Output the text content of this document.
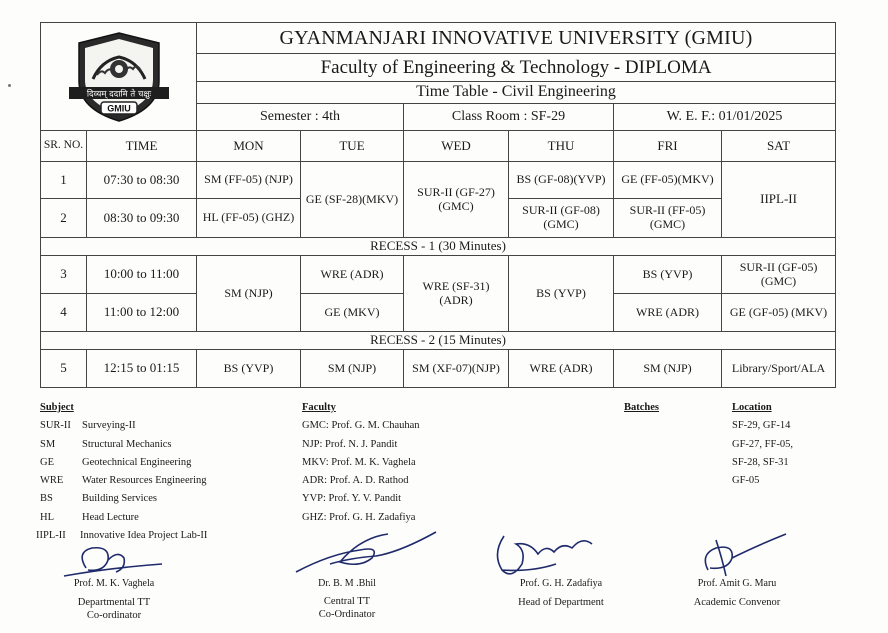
दिव्यम् ददामि ते चक्षुः
GMIU		GYANMANJARI INNOVATIVE UNIVERSITY (GMIU)					
		Faculty of Engineering & Technology - DIPLOMA					
		Time Table - Civil Engineering					
		Semester : 4th		Class Room : SF-29		W. E. F.: 01/01/2025	
SR. NO.	TIME	MON	TUE	WED	THU	FRI	SAT
1	07:30 to 08:30	SM (FF-05) (NJP)	GE (SF-28)(MKV)	SUR-II (GF-27)(GMC)	BS (GF-08)(YVP)	GE (FF-05)(MKV)	IIPL-II
2	08:30 to 09:30	HL (FF-05) (GHZ)			SUR-II (GF-08)(GMC)	SUR-II (FF-05)(GMC)	
RECESS - 1 (30 Minutes)							
3	10:00 to 11:00	SM (NJP)	WRE (ADR)	WRE (SF-31)(ADR)	BS (YVP)	BS (YVP)	SUR-II (GF-05)(GMC)
4	11:00 to 12:00		GE (MKV)			WRE (ADR)	GE (GF-05) (MKV)
RECESS - 2 (15 Minutes)							
5	12:15 to 01:15	BS (YVP)	SM (NJP)	SM (XF-07)(NJP)	WRE (ADR)	SM (NJP)	Library/Sport/ALA
Subject
SUR-II Surveying-II
SM	Structural Mechanics
GE	Geotechnical Engineering
WRE Water Resources Engineering
BS	Building Services
HL	Head Lecture
IIPL-II Innovative Idea Project Lab-II
Faculty
GMC: Prof. G. M. Chauhan
NJP: Prof. N. J. Pandit
MKV: Prof. M. K. Vaghela
ADR: Prof. A. D. Rathod
YVP: Prof. Y. V. Pandit
GHZ: Prof. G. H. Zadafiya
Batches	Location
SF-29, GF-14
GF-27, FF-05,
SF-28, SF-31
GF-05
Prof. M. K. Vaghela
Departmental TT
Co-ordinator
Dr. B. M .Bhil
Central TT
Co-Ordinator
Prof. G. H. Zadafiya
Head of Department
Prof. Amit G. Maru
Academic Convenor
